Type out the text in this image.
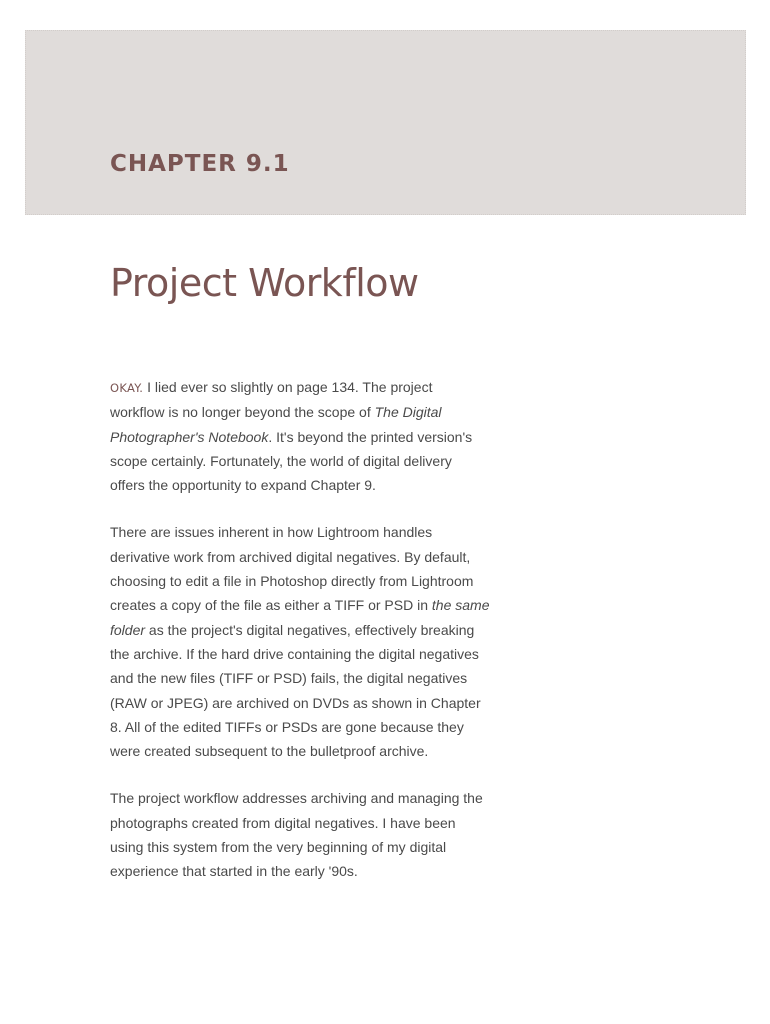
CHAPTER 9.1
Project Workflow

OKAY. I lied ever so slightly on page 134. The project workflow is no longer beyond the scope of The Digital Photographer's Notebook. It's beyond the printed version's scope certainly. Fortunately, the world of digital delivery offers the opportunity to expand Chapter 9.

There are issues inherent in how Lightroom handles derivative work from archived digital negatives. By default, choosing to edit a file in Photoshop directly from Lightroom creates a copy of the file as either a TIFF or PSD in the same folder as the project's digital negatives, effectively breaking the archive. If the hard drive containing the digital negatives and the new files (TIFF or PSD) fails, the digital negatives (RAW or JPEG) are archived on DVDs as shown in Chapter 8. All of the edited TIFFs or PSDs are gone because they were created subsequent to the bulletproof archive.

The project workflow addresses archiving and managing the photographs created from digital negatives. I have been using this system from the very beginning of my digital experience that started in the early '90s.
